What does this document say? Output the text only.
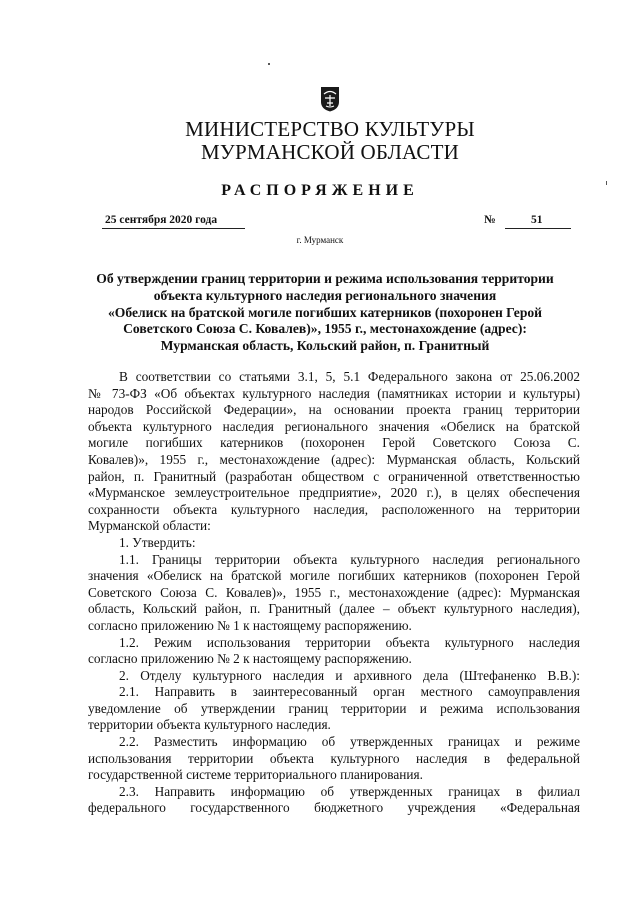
МИНИСТЕРСТВО КУЛЬТУРЫ
МУРМАНСКОЙ ОБЛАСТИ
РАСПОРЯЖЕНИЕ
25 сентября 2020 года	№	51
г. Мурманск
Об утверждении границ территории и режима использования территории
объекта культурного наследия регионального значения
«Обелиск на братской могиле погибших катерников (похоронен Герой
Советского Союза С. Ковалев)», 1955 г., местонахождение (адрес):
Мурманская область, Кольский район, п. Гранитный
В соответствии со статьями 3.1, 5, 5.1 Федерального закона от 25.06.2002
№ 73-ФЗ «Об объектах культурного наследия (памятниках истории и культуры)
народов Российской Федерации», на основании проекта границ территории
объекта культурного наследия регионального значения «Обелиск на братской
могиле погибших катерников (похоронен Герой Советского Союза С.
Ковалев)», 1955 г., местонахождение (адрес): Мурманская область, Кольский
район, п. Гранитный (разработан обществом с ограниченной ответственностью
«Мурманское землеустроительное предприятие», 2020 г.), в целях обеспечения
сохранности объекта культурного наследия, расположенного на территории
Мурманской области:
1. Утвердить:
1.1. Границы территории объекта культурного наследия регионального
значения «Обелиск на братской могиле погибших катерников (похоронен Герой
Советского Союза С. Ковалев)», 1955 г., местонахождение (адрес): Мурманская
область, Кольский район, п. Гранитный (далее – объект культурного наследия),
согласно приложению № 1 к настоящему распоряжению.
1.2. Режим использования территории объекта культурного наследия
согласно приложению № 2 к настоящему распоряжению.
2. Отделу культурного наследия и архивного дела (Штефаненко В.В.):
2.1. Направить в заинтересованный орган местного самоуправления
уведомление об утверждении границ территории и режима использования
территории объекта культурного наследия.
2.2. Разместить информацию об утвержденных границах и режиме
использования территории объекта культурного наследия в федеральной
государственной системе территориального планирования.
2.3. Направить информацию об утвержденных границах в филиал
федерального государственного бюджетного учреждения «Федеральная
